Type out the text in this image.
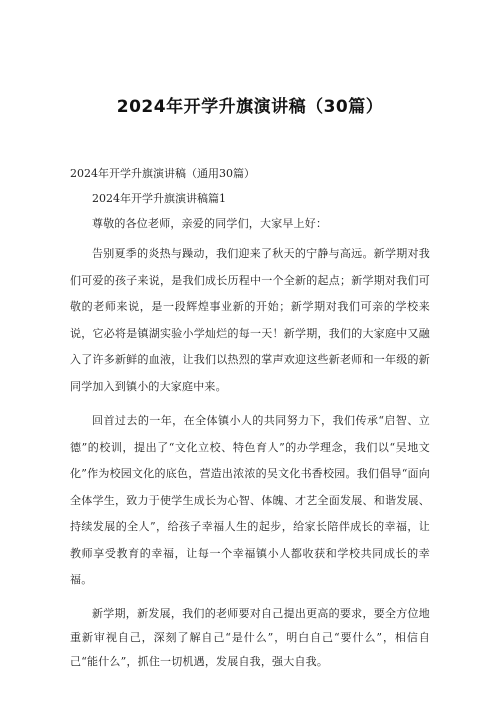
2024年开学升旗演讲稿（30篇）
2024年开学升旗演讲稿（通用30篇）
2024年开学升旗演讲稿篇1

尊敬的各位老师，亲爱的同学们，大家早上好：

告别夏季的炎热与躁动，我们迎来了秋天的宁静与高远。新学期对我们可爱的孩子来说，是我们成长历程中一个全新的起点；新学期对我们可敬的老师来说，是一段辉煌事业新的开始；新学期对我们可亲的学校来说，它必将是镇湖实验小学灿烂的每一天！新学期，我们的大家庭中又融入了许多新鲜的血液，让我们以热烈的掌声欢迎这些新老师和一年级的新同学加入到镇小的大家庭中来。

回首过去的一年，在全体镇小人的共同努力下，我们传承“启智、立德”的校训，提出了“文化立校、特色育人”的办学理念，我们以“吴地文化”作为校园文化的底色，营造出浓浓的吴文化书香校园。我们倡导“面向全体学生，致力于使学生成长为心智、体魄、才艺全面发展、和谐发展、持续发展的全人”，给孩子幸福人生的起步，给家长陪伴成长的幸福，让教师享受教育的幸福，让每一个幸福镇小人都收获和学校共同成长的幸福。

新学期，新发展，我们的老师要对自己提出更高的要求，要全方位地重新审视自己，深刻了解自己“是什么”，明白自己“要什么”，相信自己“能什么”，抓住一切机遇，发展自我，强大自我。
